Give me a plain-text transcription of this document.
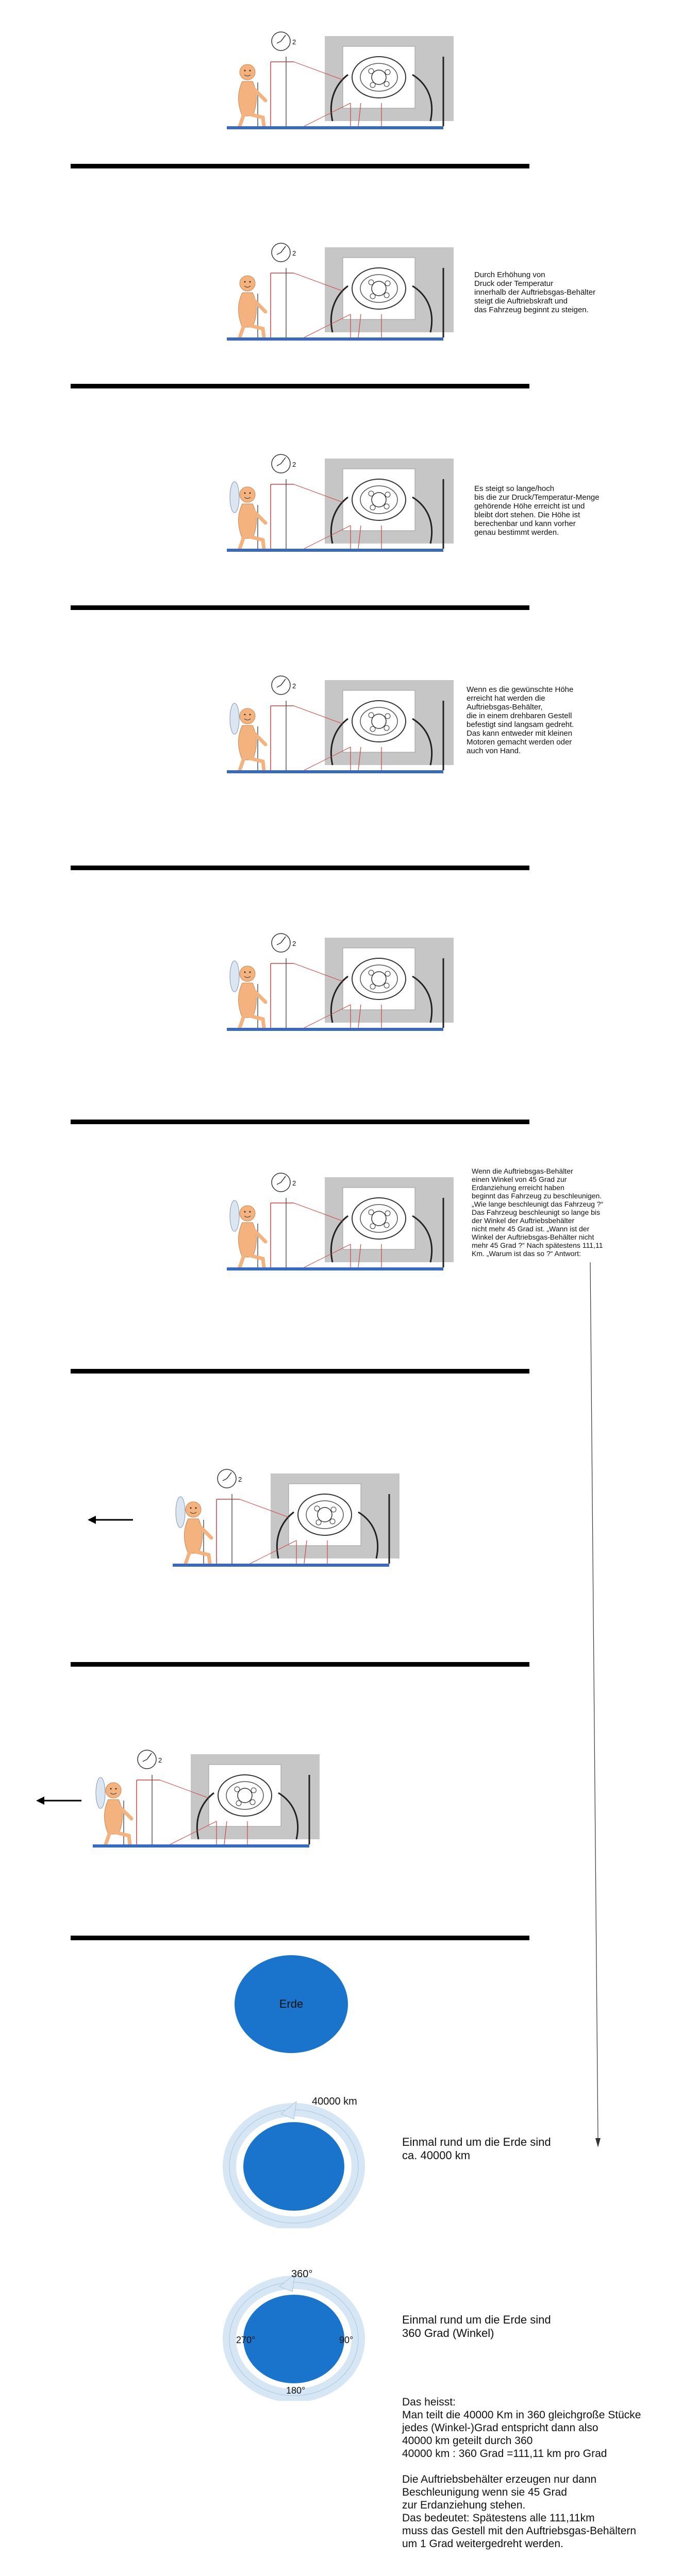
2
2
Durch Erhöhung von
Druck oder Temperatur
innerhalb der Auftriebsgas-Behälter
steigt die Auftriebskraft und
das Fahrzeug beginnt zu steigen.
2
Es steigt so lange/hoch
bis die zur Druck/Temperatur-Menge
gehörende Höhe erreicht ist und
bleibt dort stehen. Die Höhe ist
berechenbar und kann vorher
genau bestimmt werden.
2	Wenn es die gewünschte Höhe
erreicht hat werden die
Auftriebsgas-Behälter,
die in einem drehbaren Gestell
befestigt sind langsam gedreht.
Das kann entweder mit kleinen
Motoren gemacht werden oder
auch von Hand.
2
2
Wenn die Auftriebsgas-Behälter
einen Winkel von 45 Grad zur
Erdanziehung erreicht haben
beginnt das Fahrzeug zu beschleunigen.
„Wie lange beschleunigt das Fahrzeug ?“
Das Fahrzeug beschleunigt so lange bis
der Winkel der Auftriebsbehälter
nicht mehr 45 Grad ist. „Wann ist der
Winkel der Auftriebsgas-Behälter nicht
mehr 45 Grad ?“ Nach spätestens 111,11
Km. „Warum ist das so ?“ Antwort:
2
2
Erde
40000 km
Einmal rund um die Erde sind
ca. 40000 km
360°
90°
180°
270°
Einmal rund um die Erde sind
360 Grad (Winkel)
Das heisst:
Man teilt die 40000 Km in 360 gleichgroße Stücke
jedes (Winkel-)Grad entspricht dann also
40000 km geteilt durch 360
40000 km : 360 Grad =111,11 km pro Grad

Die Auftriebsbehälter erzeugen nur dann
Beschleunigung wenn sie 45 Grad
zur Erdanziehung stehen.
Das bedeutet: Spätestens alle 111,11km
muss das Gestell mit den Auftriebsgas-Behältern
um 1 Grad weitergedreht werden.
